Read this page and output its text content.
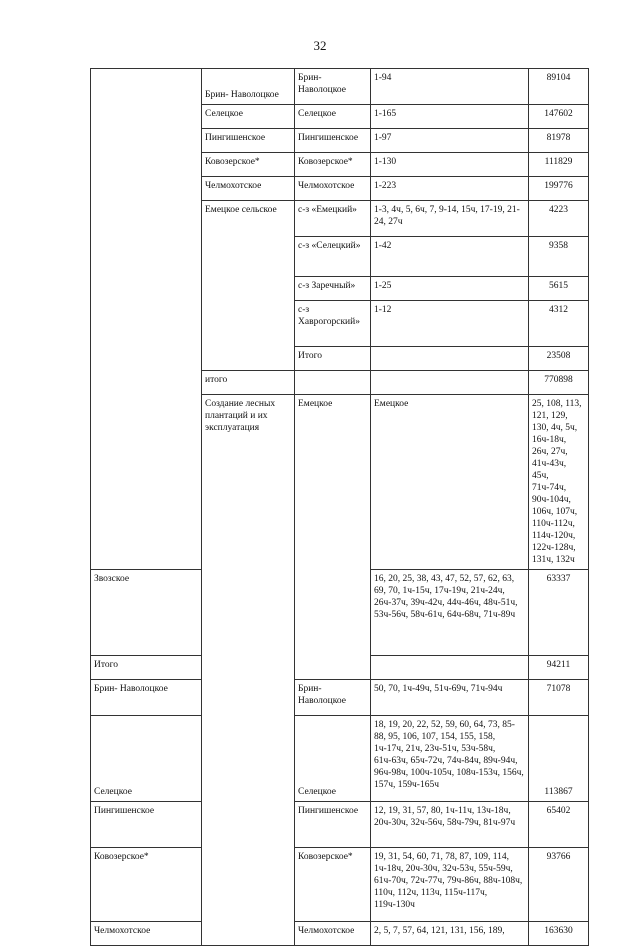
32
	Брин- Наволоцкое	Брин-Наволоцкое	1-94	89104	
	Селецкое	Селецкое	1-165	147602	
	Пингишенское	Пингишенское	1-97	81978	
	Ковозерское*	Ковозерское*	1-130	111829	
	Челмохотское	Челмохотское	1-223	199776	
	Емецкое сельское	с-з «Емецкий»	1-3, 4ч, 5, 6ч, 7, 9-14, 15ч, 17-19, 21-24, 27ч	4223	
		с-з «Селецкий»	1-42	9358	
		с-з Заречный»	1-25	5615	
		с-з Хаврогорский»	1-12	4312	
		Итого		23508	
	итого			770898	

	Создание лесных
плантаций и их
эксплуатация	Емецкое	Емецкое	25, 108, 113, 121, 129, 130, 4ч, 5ч, 16ч-18ч, 26ч, 27ч, 41ч-43ч, 45ч, 71ч-74ч, 90ч-104ч, 106ч, 107ч, 110ч-112ч, 114ч-120ч, 122ч-128ч, 131ч, 132ч	
Звозское			16, 20, 25, 38, 43, 47, 52, 57, 62, 63, 69, 70, 1ч-15ч, 17ч-19ч, 21ч-24ч, 26ч-37ч, 39ч-42ч, 44ч-46ч, 48ч-51ч, 53ч-56ч, 58ч-61ч, 64ч-68ч, 71ч-89ч	63337	
Итого				94211	
Брин- Наволоцкое		Брин-Наволоцкое	50, 70, 1ч-49ч, 51ч-69ч, 71ч-94ч	71078	
Селецкое		Селецкое	18, 19, 20, 22, 52, 59, 60, 64, 73, 85-88, 95, 106, 107, 154, 155, 158, 1ч-17ч, 21ч, 23ч-51ч, 53ч-58ч, 61ч-63ч, 65ч-72ч, 74ч-84ч, 89ч-94ч, 96ч-98ч, 100ч-105ч, 108ч-153ч, 156ч, 157ч, 159ч-165ч	113867	
Пингишенское		Пингишенское	12, 19, 31, 57, 80, 1ч-11ч, 13ч-18ч, 20ч-30ч, 32ч-56ч, 58ч-79ч, 81ч-97ч	65402	
Ковозерское*		Ковозерское*	19, 31, 54, 60, 71, 78, 87, 109, 114, 1ч-18ч, 20ч-30ч, 32ч-53ч, 55ч-59ч, 61ч-70ч, 72ч-77ч, 79ч-86ч, 88ч-108ч, 110ч, 112ч, 113ч, 115ч-117ч, 119ч-130ч	93766	
Челмохотское		Челмохотское	2, 5, 7, 57, 64, 121, 131, 156, 189,	163630	
